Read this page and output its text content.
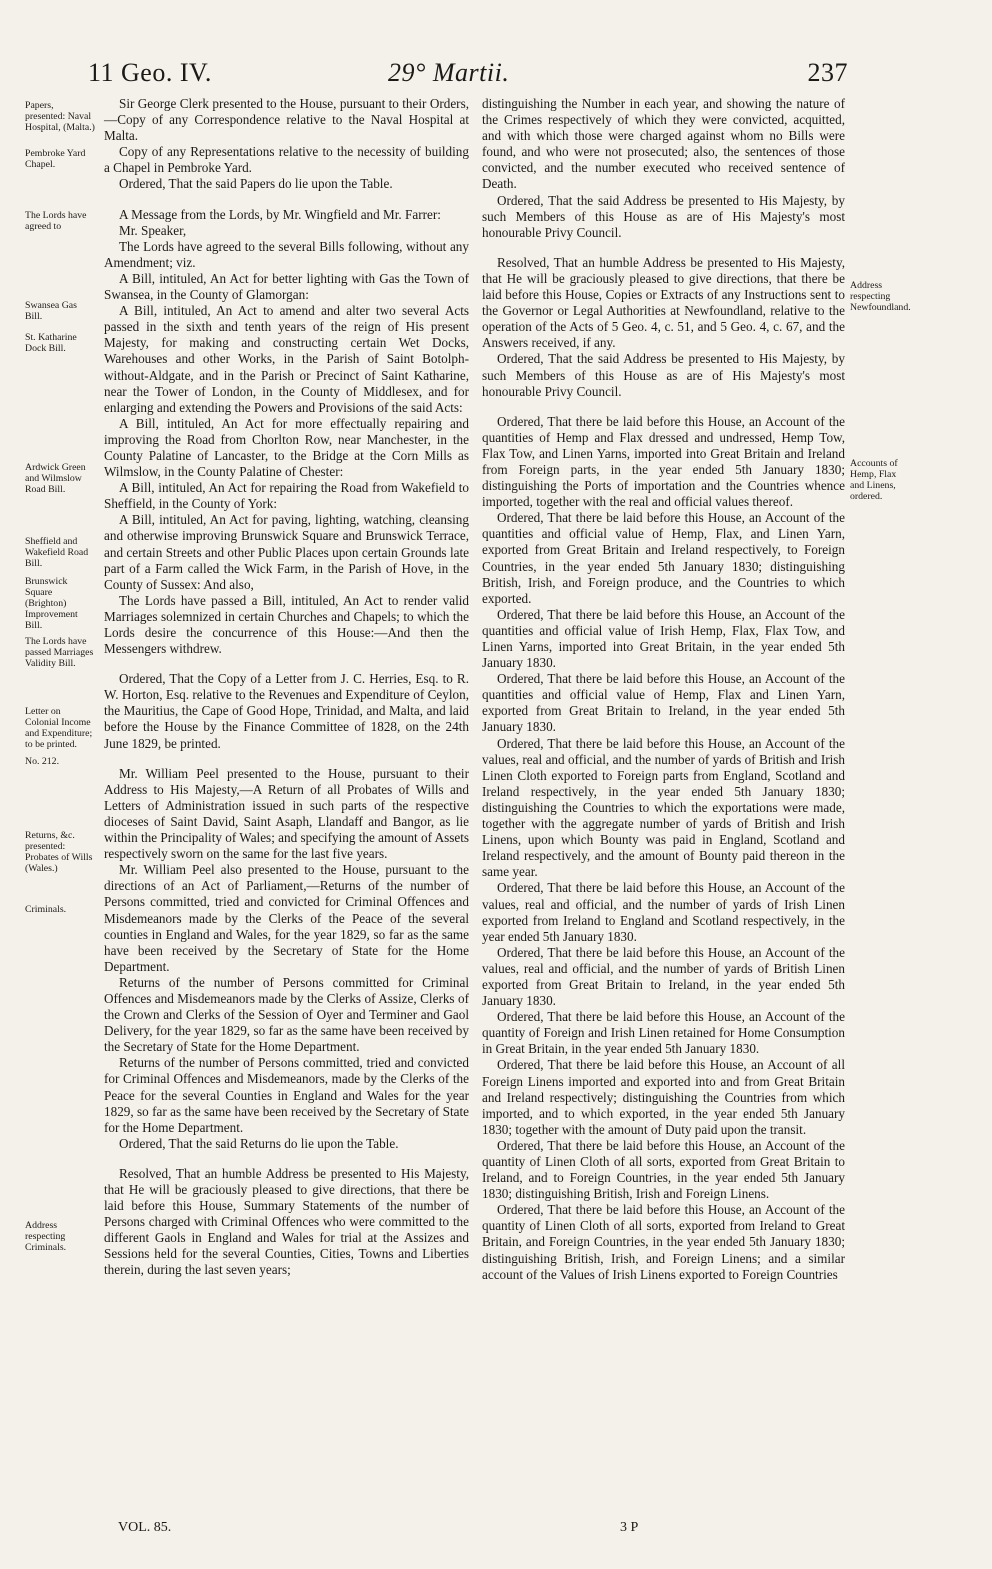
11 Geo. IV.	29° Martii.	237
Papers, presented: Naval Hospital, (Malta.)
Pembroke Yard Chapel.
The Lords have agreed to
Swansea Gas Bill.
St. Katharine Dock Bill.
Ardwick Green and Wilmslow Road Bill.
Sheffield and Wakefield Road Bill.
Brunswick Square (Brighton) Improvement Bill.
The Lords have passed Marriages Validity Bill.
Letter on Colonial Income and Expenditure; to be printed.
No. 212.
Returns, &c. presented: Probates of Wills (Wales.)
Criminals.
Address respecting Criminals.

Sir George Clerk presented to the House, pursuant to their Orders,—Copy of any Correspondence relative to the Naval Hospital at Malta.

Copy of any Representations relative to the necessity of building a Chapel in Pembroke Yard.

Ordered, That the said Papers do lie upon the Table.

A Message from the Lords, by Mr. Wingfield and Mr. Farrer:

Mr. Speaker,

The Lords have agreed to the several Bills following, without any Amendment; viz.

A Bill, intituled, An Act for better lighting with Gas the Town of Swansea, in the County of Glamorgan:

A Bill, intituled, An Act to amend and alter two several Acts passed in the sixth and tenth years of the reign of His present Majesty, for making and constructing certain Wet Docks, Warehouses and other Works, in the Parish of Saint Botolph-without-Aldgate, and in the Parish or Precinct of Saint Katharine, near the Tower of London, in the County of Middlesex, and for enlarging and extending the Powers and Provisions of the said Acts:

A Bill, intituled, An Act for more effectually repairing and improving the Road from Chorlton Row, near Manchester, in the County Palatine of Lancaster, to the Bridge at the Corn Mills as Wilmslow, in the County Palatine of Chester:

A Bill, intituled, An Act for repairing the Road from Wakefield to Sheffield, in the County of York:

A Bill, intituled, An Act for paving, lighting, watching, cleansing and otherwise improving Brunswick Square and Brunswick Terrace, and certain Streets and other Public Places upon certain Grounds late part of a Farm called the Wick Farm, in the Parish of Hove, in the County of Sussex: And also,

The Lords have passed a Bill, intituled, An Act to render valid Marriages solemnized in certain Churches and Chapels; to which the Lords desire the concurrence of this House:—And then the Messengers withdrew.

Ordered, That the Copy of a Letter from J. C. Herries, Esq. to R. W. Horton, Esq. relative to the Revenues and Expenditure of Ceylon, the Mauritius, the Cape of Good Hope, Trinidad, and Malta, and laid before the House by the Finance Committee of 1828, on the 24th June 1829, be printed.

Mr. William Peel presented to the House, pursuant to their Address to His Majesty,—A Return of all Probates of Wills and Letters of Administration issued in such parts of the respective dioceses of Saint David, Saint Asaph, Llandaff and Bangor, as lie within the Principality of Wales; and specifying the amount of Assets respectively sworn on the same for the last five years.

Mr. William Peel also presented to the House, pursuant to the directions of an Act of Parliament,—Returns of the number of Persons committed, tried and convicted for Criminal Offences and Misdemeanors made by the Clerks of the Peace of the several counties in England and Wales, for the year 1829, so far as the same have been received by the Secretary of State for the Home Department.

Returns of the number of Persons committed for Criminal Offences and Misdemeanors made by the Clerks of Assize, Clerks of the Crown and Clerks of the Session of Oyer and Terminer and Gaol Delivery, for the year 1829, so far as the same have been received by the Secretary of State for the Home Department.

Returns of the number of Persons committed, tried and convicted for Criminal Offences and Misdemeanors, made by the Clerks of the Peace for the several Counties in England and Wales for the year 1829, so far as the same have been received by the Secretary of State for the Home Department.

Ordered, That the said Returns do lie upon the Table.

Resolved, That an humble Address be presented to His Majesty, that He will be graciously pleased to give directions, that there be laid before this House, Summary Statements of the number of Persons charged with Criminal Offences who were committed to the different Gaols in England and Wales for trial at the Assizes and Sessions held for the several Counties, Cities, Towns and Liberties therein, during the last seven years;

distinguishing the Number in each year, and showing the nature of the Crimes respectively of which they were convicted, acquitted, and with which those were charged against whom no Bills were found, and who were not prosecuted; also, the sentences of those convicted, and the number executed who received sentence of Death.

Ordered, That the said Address be presented to His Majesty, by such Members of this House as are of His Majesty's most honourable Privy Council.

Resolved, That an humble Address be presented to His Majesty, that He will be graciously pleased to give directions, that there be laid before this House, Copies or Extracts of any Instructions sent to the Governor or Legal Authorities at Newfoundland, relative to the operation of the Acts of 5 Geo. 4, c. 51, and 5 Geo. 4, c. 67, and the Answers received, if any.

Ordered, That the said Address be presented to His Majesty, by such Members of this House as are of His Majesty's most honourable Privy Council.

Ordered, That there be laid before this House, an Account of the quantities of Hemp and Flax dressed and undressed, Hemp Tow, Flax Tow, and Linen Yarns, imported into Great Britain and Ireland from Foreign parts, in the year ended 5th January 1830; distinguishing the Ports of importation and the Countries whence imported, together with the real and official values thereof.

Ordered, That there be laid before this House, an Account of the quantities and official value of Hemp, Flax, and Linen Yarn, exported from Great Britain and Ireland respectively, to Foreign Countries, in the year ended 5th January 1830; distinguishing British, Irish, and Foreign produce, and the Countries to which exported.

Ordered, That there be laid before this House, an Account of the quantities and official value of Irish Hemp, Flax, Flax Tow, and Linen Yarns, imported into Great Britain, in the year ended 5th January 1830.

Ordered, That there be laid before this House, an Account of the quantities and official value of Hemp, Flax and Linen Yarn, exported from Great Britain to Ireland, in the year ended 5th January 1830.

Ordered, That there be laid before this House, an Account of the values, real and official, and the number of yards of British and Irish Linen Cloth exported to Foreign parts from England, Scotland and Ireland respectively, in the year ended 5th January 1830; distinguishing the Countries to which the exportations were made, together with the aggregate number of yards of British and Irish Linens, upon which Bounty was paid in England, Scotland and Ireland respectively, and the amount of Bounty paid thereon in the same year.

Ordered, That there be laid before this House, an Account of the values, real and official, and the number of yards of Irish Linen exported from Ireland to England and Scotland respectively, in the year ended 5th January 1830.

Ordered, That there be laid before this House, an Account of the values, real and official, and the number of yards of British Linen exported from Great Britain to Ireland, in the year ended 5th January 1830.

Ordered, That there be laid before this House, an Account of the quantity of Foreign and Irish Linen retained for Home Consumption in Great Britain, in the year ended 5th January 1830.

Ordered, That there be laid before this House, an Account of all Foreign Linens imported and exported into and from Great Britain and Ireland respectively; distinguishing the Countries from which imported, and to which exported, in the year ended 5th January 1830; together with the amount of Duty paid upon the transit.

Ordered, That there be laid before this House, an Account of the quantity of Linen Cloth of all sorts, exported from Great Britain to Ireland, and to Foreign Countries, in the year ended 5th January 1830; distinguishing British, Irish and Foreign Linens.

Ordered, That there be laid before this House, an Account of the quantity of Linen Cloth of all sorts, exported from Ireland to Great Britain, and Foreign Countries, in the year ended 5th January 1830; distinguishing British, Irish, and Foreign Linens; and a similar account of the Values of Irish Linens exported to Foreign Countries

Address respecting Newfoundland.
Accounts of Hemp, Flax and Linens, ordered.
VOL. 85.	3 P
